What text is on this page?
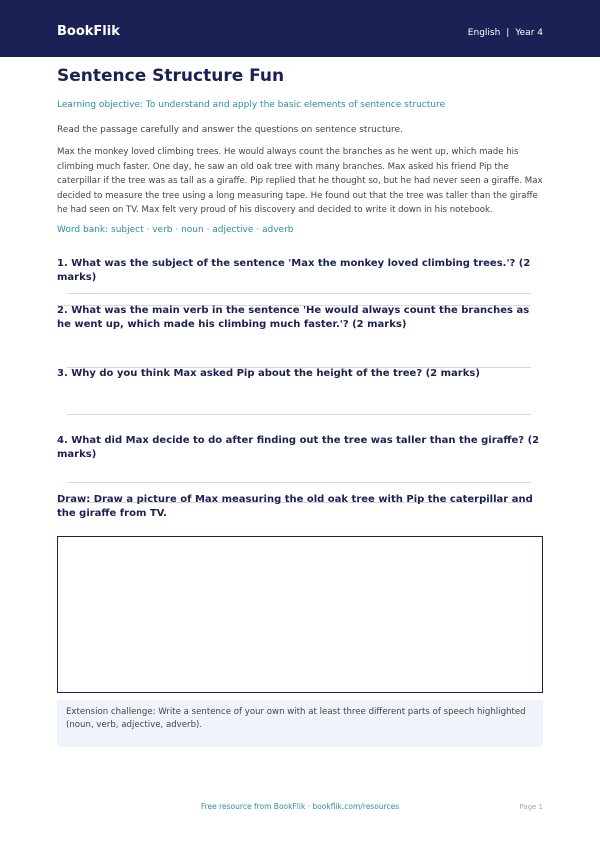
BookFlik	English | Year 4
Sentence Structure Fun
Learning objective: To understand and apply the basic elements of sentence structure
Read the passage carefully and answer the questions on sentence structure.
Max the monkey loved climbing trees. He would always count the branches as he went up, which made his climbing much faster. One day, he saw an old oak tree with many branches. Max asked his friend Pip the caterpillar if the tree was as tall as a giraffe. Pip replied that he thought so, but he had never seen a giraffe. Max decided to measure the tree using a long measuring tape. He found out that the tree was taller than the giraffe he had seen on TV. Max felt very proud of his discovery and decided to write it down in his notebook.
Word bank: subject · verb · noun · adjective · adverb
1. What was the subject of the sentence 'Max the monkey loved climbing trees.'? (2 marks)
2. What was the main verb in the sentence 'He would always count the branches as he went up, which made his climbing much faster.'? (2 marks)
3. Why do you think Max asked Pip about the height of the tree? (2 marks)
4. What did Max decide to do after finding out the tree was taller than the giraffe? (2 marks)
Draw: Draw a picture of Max measuring the old oak tree with Pip the caterpillar and the giraffe from TV.
Extension challenge: Write a sentence of your own with at least three different parts of speech highlighted (noun, verb, adjective, adverb).
Free resource from BookFlik · bookflik.com/resources	Page 1
